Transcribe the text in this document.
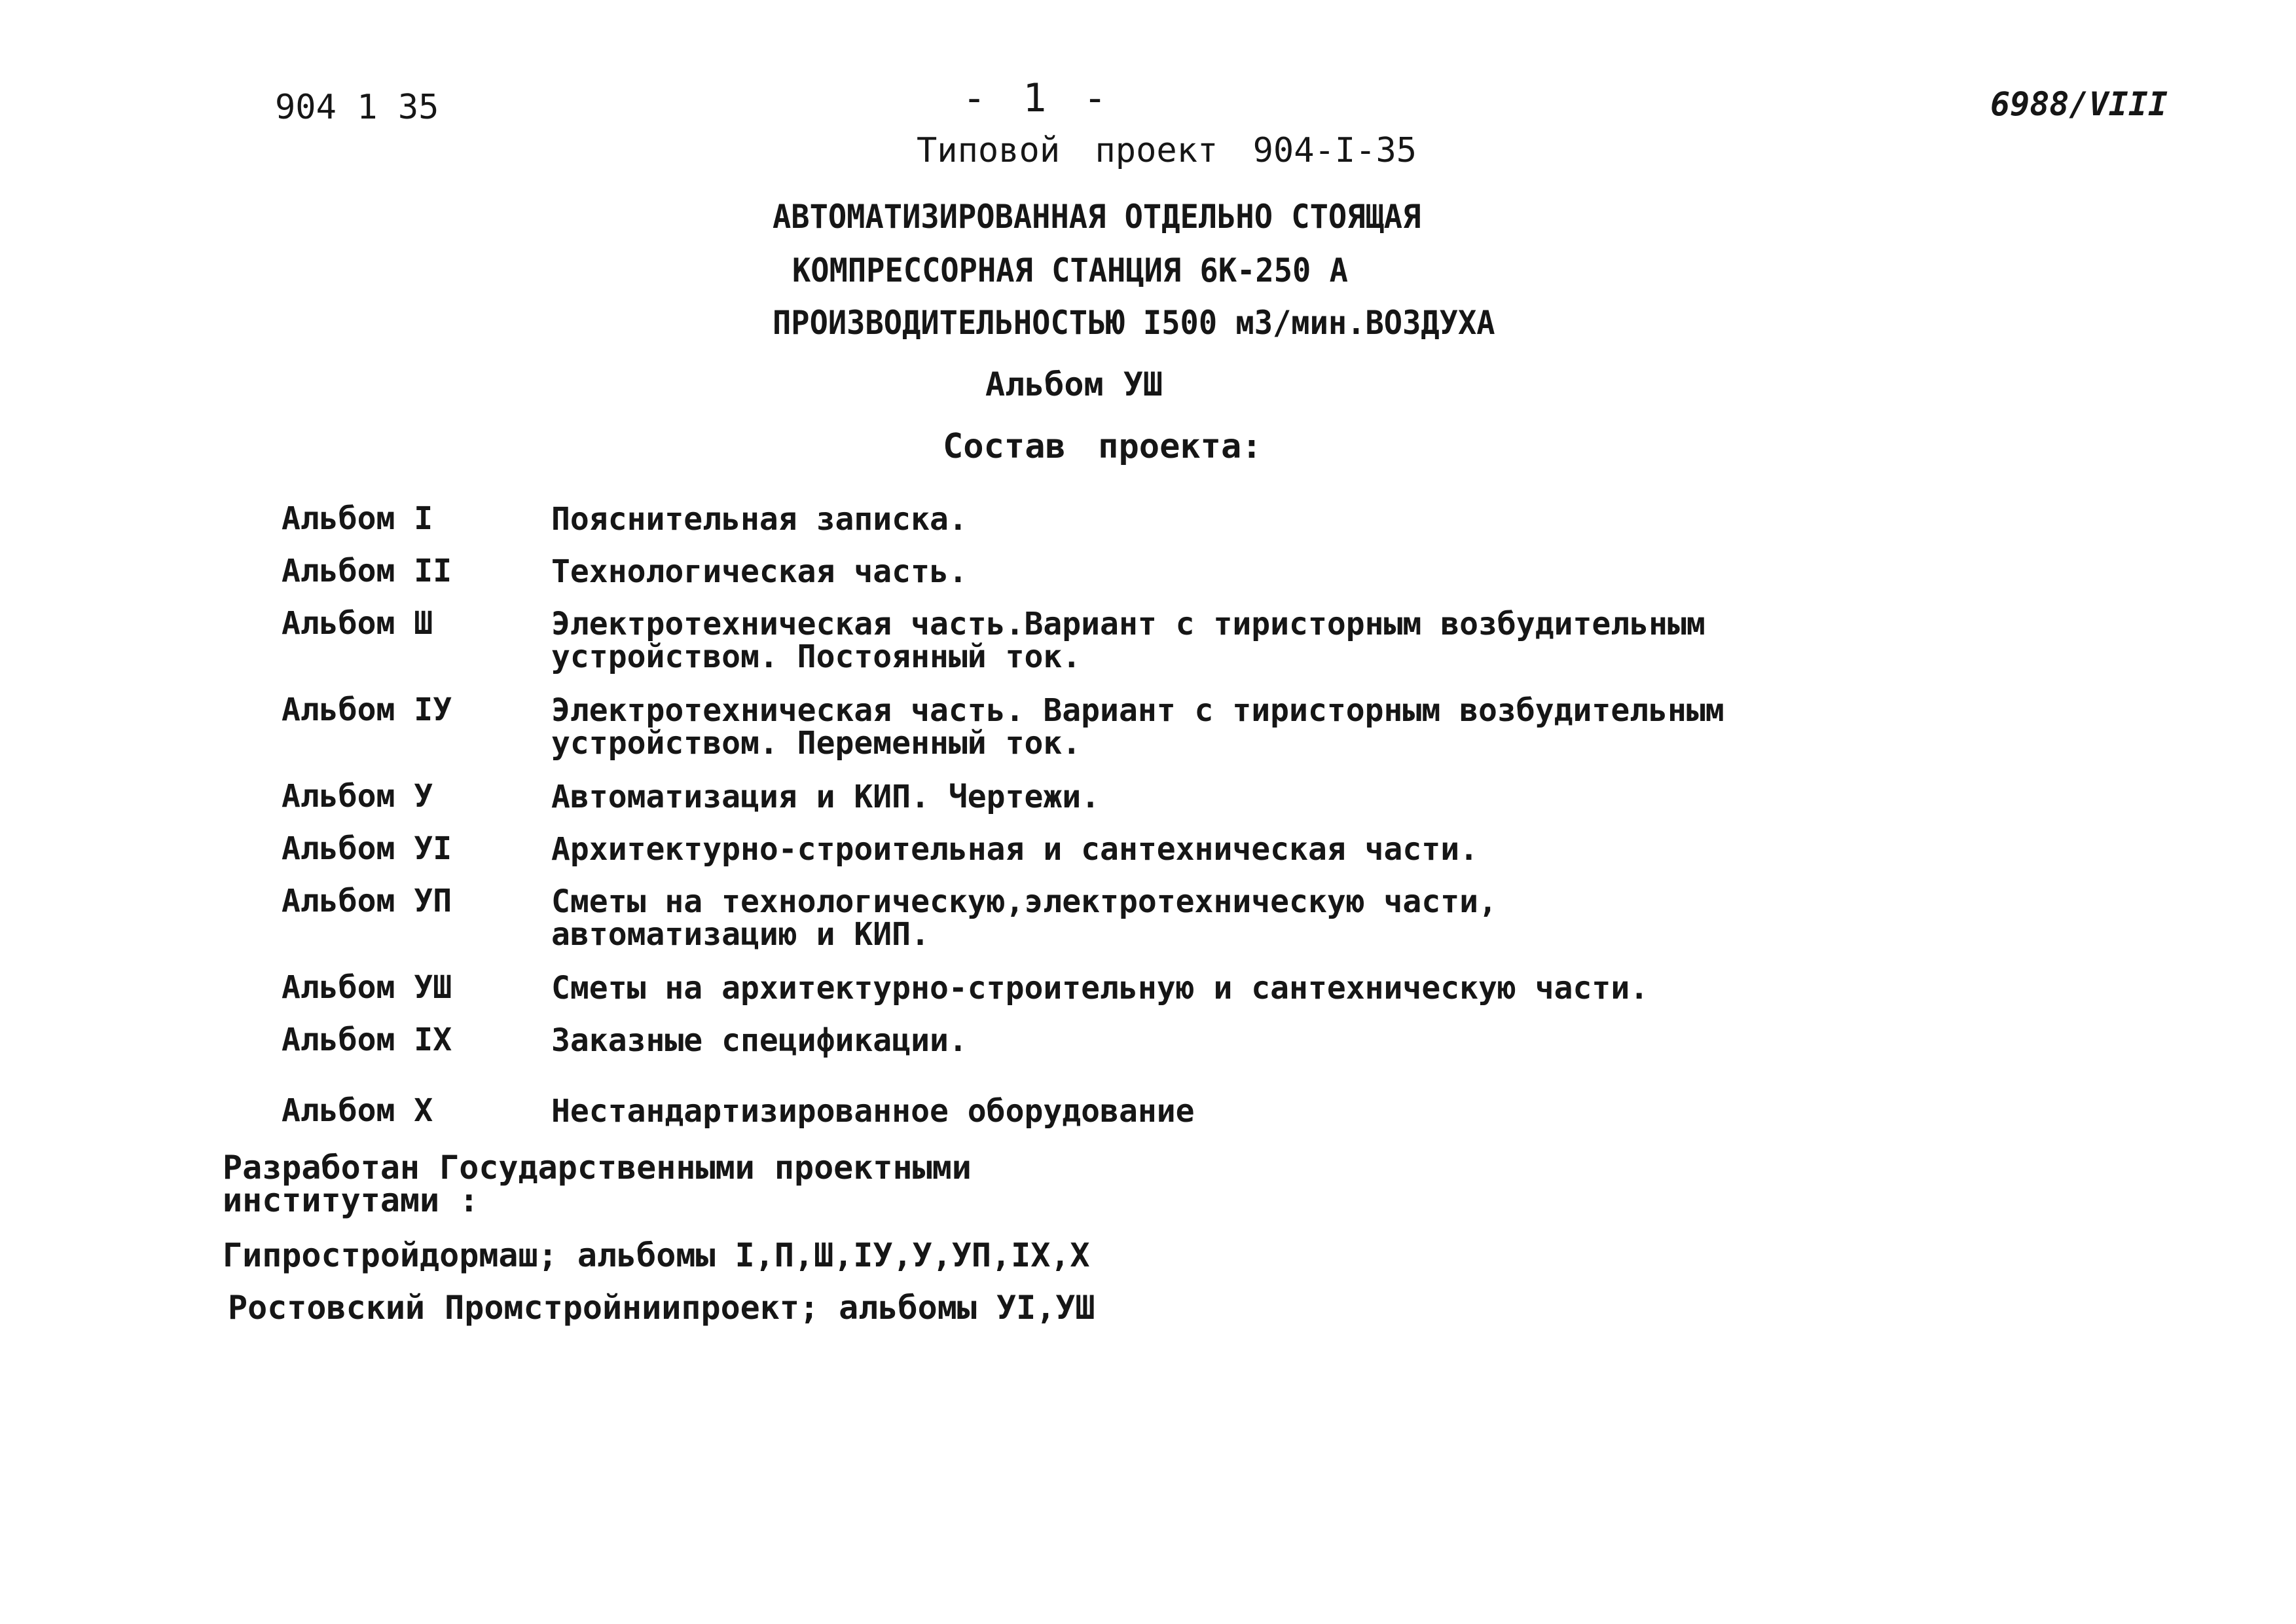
904 1 35	- 1 -	6988/VIII
Типовой проект 904-I-35
АВТОМАТИЗИРОВАННАЯ ОТДЕЛЬНО СТОЯЩАЯ
КОМПРЕССОРНАЯ СТАНЦИЯ 6К-250 А
ПРОИЗВОДИТЕЛЬНОСТЬЮ I500 м3/мин.ВОЗДУХА
Альбом УШ
Состав проекта:
Альбом I	Пояснительная записка.
Альбом II	Технологическая часть.
Альбом Ш	Электротехническая часть.Вариант с тиристорным возбудительным
устройством. Постоянный ток.
Альбом IУ	Электротехническая часть. Вариант с тиристорным возбудительным
устройством. Переменный ток.
Альбом У	Автоматизация и КИП. Чертежи.
Альбом УI	Архитектурно-строительная и сантехническая части.
Альбом УП	Сметы на технологическую,электротехническую части,
автоматизацию и КИП.
Альбом УШ	Сметы на архитектурно-строительную и сантехническую части.
Альбом IX	Заказные спецификации.
Альбом X	Нестандартизированное оборудование
Разработан Государственными проектными
институтами :
Гипростройдормаш; альбомы I,П,Ш,IУ,У,УП,IX,X
Ростовский Промстройниипроект; альбомы УI,УШ
